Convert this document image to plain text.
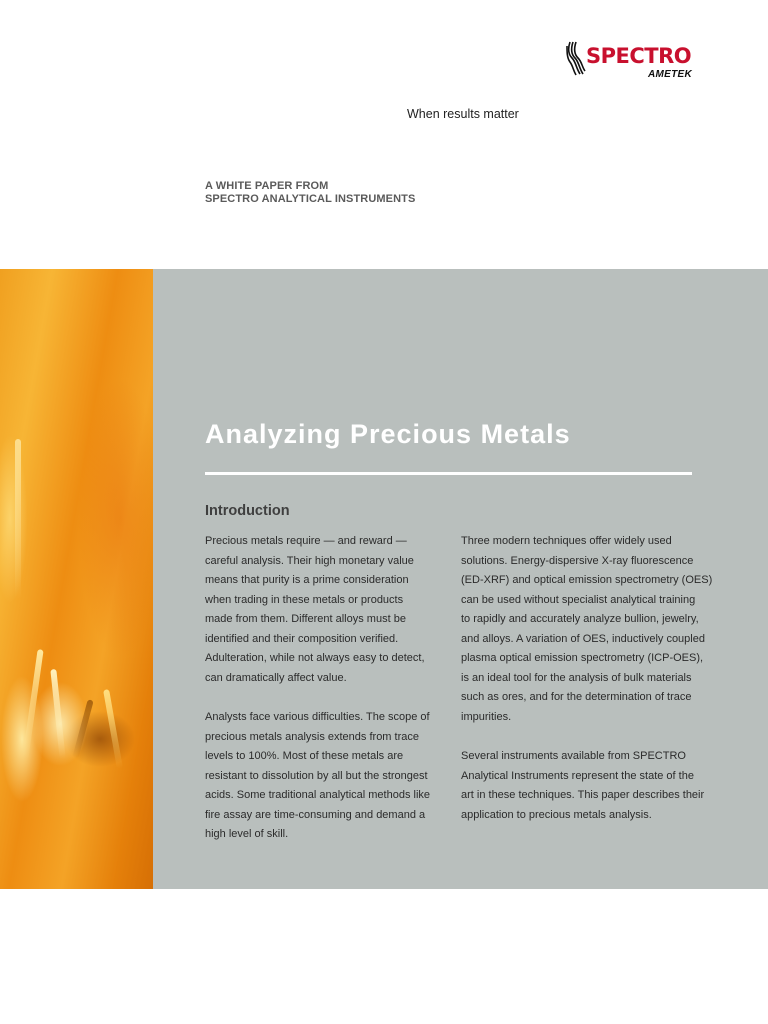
SPECTRO
AMETEK
When results matter
A WHITE PAPER FROM
SPECTRO ANALYTICAL INSTRUMENTS
Analyzing Precious Metals
Introduction
Precious metals require — and reward —
careful analysis. Their high monetary value
means that purity is a prime consideration
when trading in these metals or products
made from them. Different alloys must be
identified and their composition verified.
Adulteration, while not always easy to detect,
can dramatically affect value.
Analysts face various difficulties. The scope of
precious metals analysis extends from trace
levels to 100%. Most of these metals are
resistant to dissolution by all but the strongest
acids. Some traditional analytical methods like
fire assay are time-consuming and demand a
high level of skill.
Three modern techniques offer widely used
solutions. Energy-dispersive X-ray fluorescence
(ED-XRF) and optical emission spectrometry (OES)
can be used without specialist analytical training
to rapidly and accurately analyze bullion, jewelry,
and alloys. A variation of OES, inductively coupled
plasma optical emission spectrometry (ICP-OES),
is an ideal tool for the analysis of bulk materials
such as ores, and for the determination of trace
impurities.
Several instruments available from SPECTRO
Analytical Instruments represent the state of the
art in these techniques. This paper describes their
application to precious metals analysis.
